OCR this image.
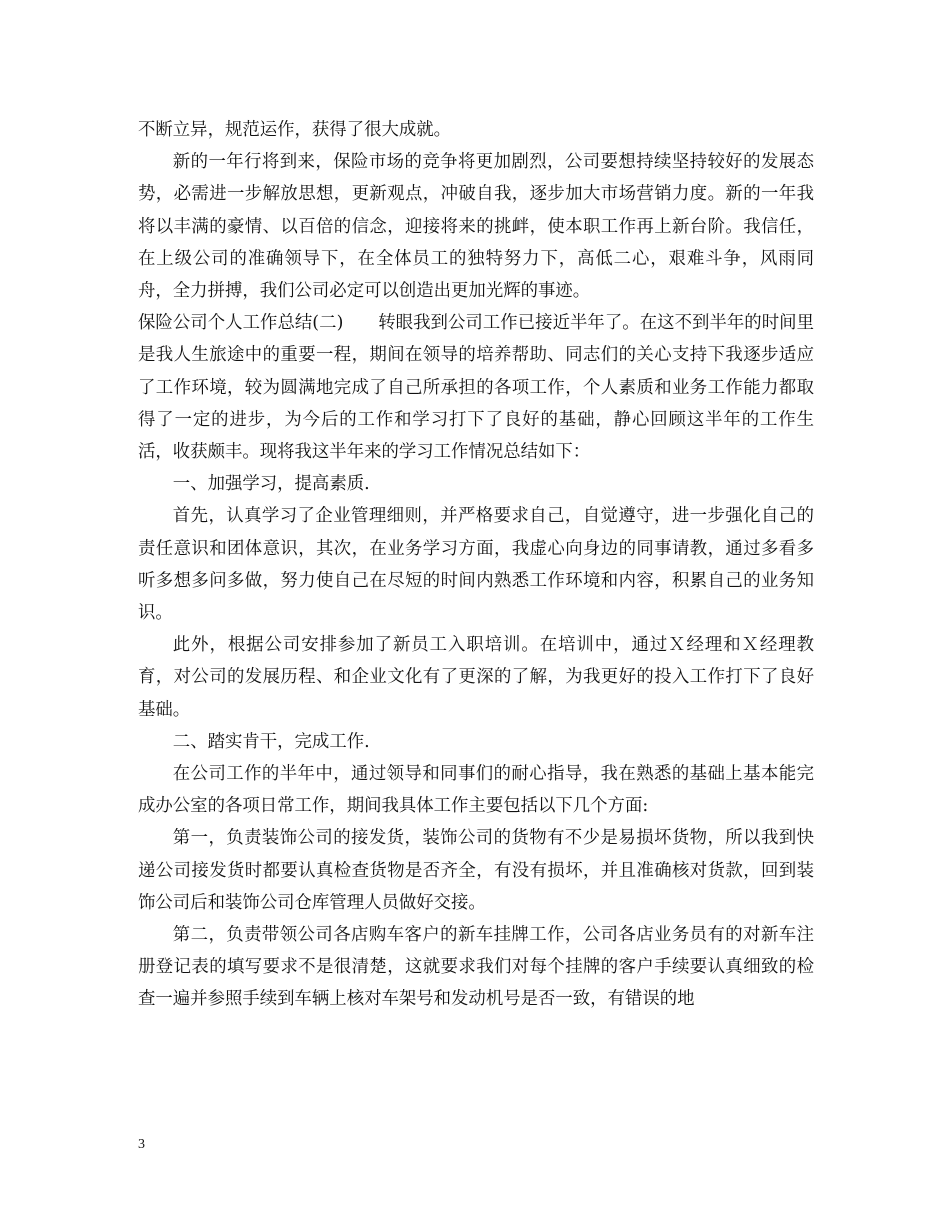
不断立异，规范运作，获得了很大成就。

新的一年行将到来，保险市场的竞争将更加剧烈，公司要想持续坚持较好的发展态势，必需进一步解放思想，更新观点，冲破自我，逐步加大市场营销力度。新的一年我将以丰满的豪情、以百倍的信念，迎接将来的挑衅，使本职工作再上新台阶。我信任，在上级公司的准确领导下，在全体员工的独特努力下，高低二心，艰难斗争，风雨同舟，全力拼搏，我们公司必定可以创造出更加光辉的事迹。

保险公司个人工作总结(二)　　转眼我到公司工作已接近半年了。在这不到半年的时间里是我人生旅途中的重要一程，期间在领导的培养帮助、同志们的关心支持下我逐步适应了工作环境，较为圆满地完成了自己所承担的各项工作，个人素质和业务工作能力都取得了一定的进步，为今后的工作和学习打下了良好的基础，静心回顾这半年的工作生活，收获颇丰。现将我这半年来的学习工作情况总结如下：

一、加强学习，提高素质.

首先，认真学习了企业管理细则，并严格要求自己，自觉遵守，进一步强化自己的责任意识和团体意识，其次，在业务学习方面，我虚心向身边的同事请教，通过多看多听多想多问多做，努力使自己在尽短的时间内熟悉工作环境和内容，积累自己的业务知识。

此外，根据公司安排参加了新员工入职培训。在培训中，通过Ｘ经理和Ｘ经理教育，对公司的发展历程、和企业文化有了更深的了解，为我更好的投入工作打下了良好基础。

二、踏实肯干，完成工作.

在公司工作的半年中，通过领导和同事们的耐心指导，我在熟悉的基础上基本能完成办公室的各项日常工作，期间我具体工作主要包括以下几个方面:

第一，负责装饰公司的接发货，装饰公司的货物有不少是易损坏货物，所以我到快递公司接发货时都要认真检查货物是否齐全，有没有损坏，并且准确核对货款，回到装饰公司后和装饰公司仓库管理人员做好交接。

第二，负责带领公司各店购车客户的新车挂牌工作，公司各店业务员有的对新车注册登记表的填写要求不是很清楚，这就要求我们对每个挂牌的客户手续要认真细致的检查一遍并参照手续到车辆上核对车架号和发动机号是否一致，有错误的地

3
